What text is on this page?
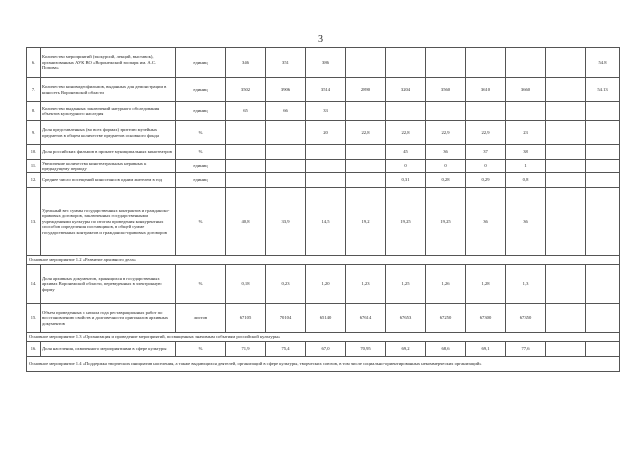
3
6.	Количество мероприятий (экскурсий, лекций, выставок), организованных АУК ВО «Воронежский зоопарк им. А.С. Попова»	единиц	346	351	386							54.8
7.	Количество киновидеофильмов, выданных для демонстрации в киносеть Воронежской области	единиц	3502	3906	3514	2890	3204	3560	3610	3660		54.13
8.	Количество выданных заключений натурного обследования объектов культурного наследия	единиц	65	66	33							
9.	Доля представленных (во всех формах) зрителю музейных предметов в общем количестве предметов основного фонда	%			20	22,8	22,8	22,9	22,9	23		
10.	Доля российских фильмов в прокате муниципальных кинотеатров	%					45	36	37	38		
11.	Увеличение количества кинотеатральных неравных к предыдущему периоду	единиц					0	0	0	1		
12.	Среднее число посещений киносеансов одним жителем в год	единиц					0,31	0,28	0,29	0,8		
13.	Удельный вес суммы государственных контрактов и гражданско-правовых договоров, заключенных государственными учреждениями культуры по итогам проведения конкурентных способов определения поставщиков, в общей сумме государственных контрактов и гражданско-правовых договоров	%	40,8	33,9	14,5	19,2	19,25	19,25	36	36		
Основное мероприятие 1.2 «Развитие архивного дела»												
14.	Доля архивных документов, хранящихся в государственных архивах Воронежской области, переведенных в электронную форму	%	0,18	0,23	1,20	1,23	1,25	1,26	1,28	1,3		
15.	Объем проведенных с начала года реставрационных работ по восстановлению свойств и долговечности оригиналов архивных документов	листов	67105	70104	65140	67614	67653	67250	67300	67350		
Основное мероприятие 1.3 «Организация и проведение мероприятий, посвященных значимым событиям российской культуры»												
16.	Доля населения, охваченного мероприятиями в сфере культуры	%	71,9	75,4	67,0	70,95	69,2	68,6	69,1	77,6		
Основное мероприятие 1.4 «Поддержка творческих инициатив населения, а также выдающихся деятелей, организаций в сфере культуры, творческих союзов, в том числе социально-ориентированных некоммерческих организаций»												
